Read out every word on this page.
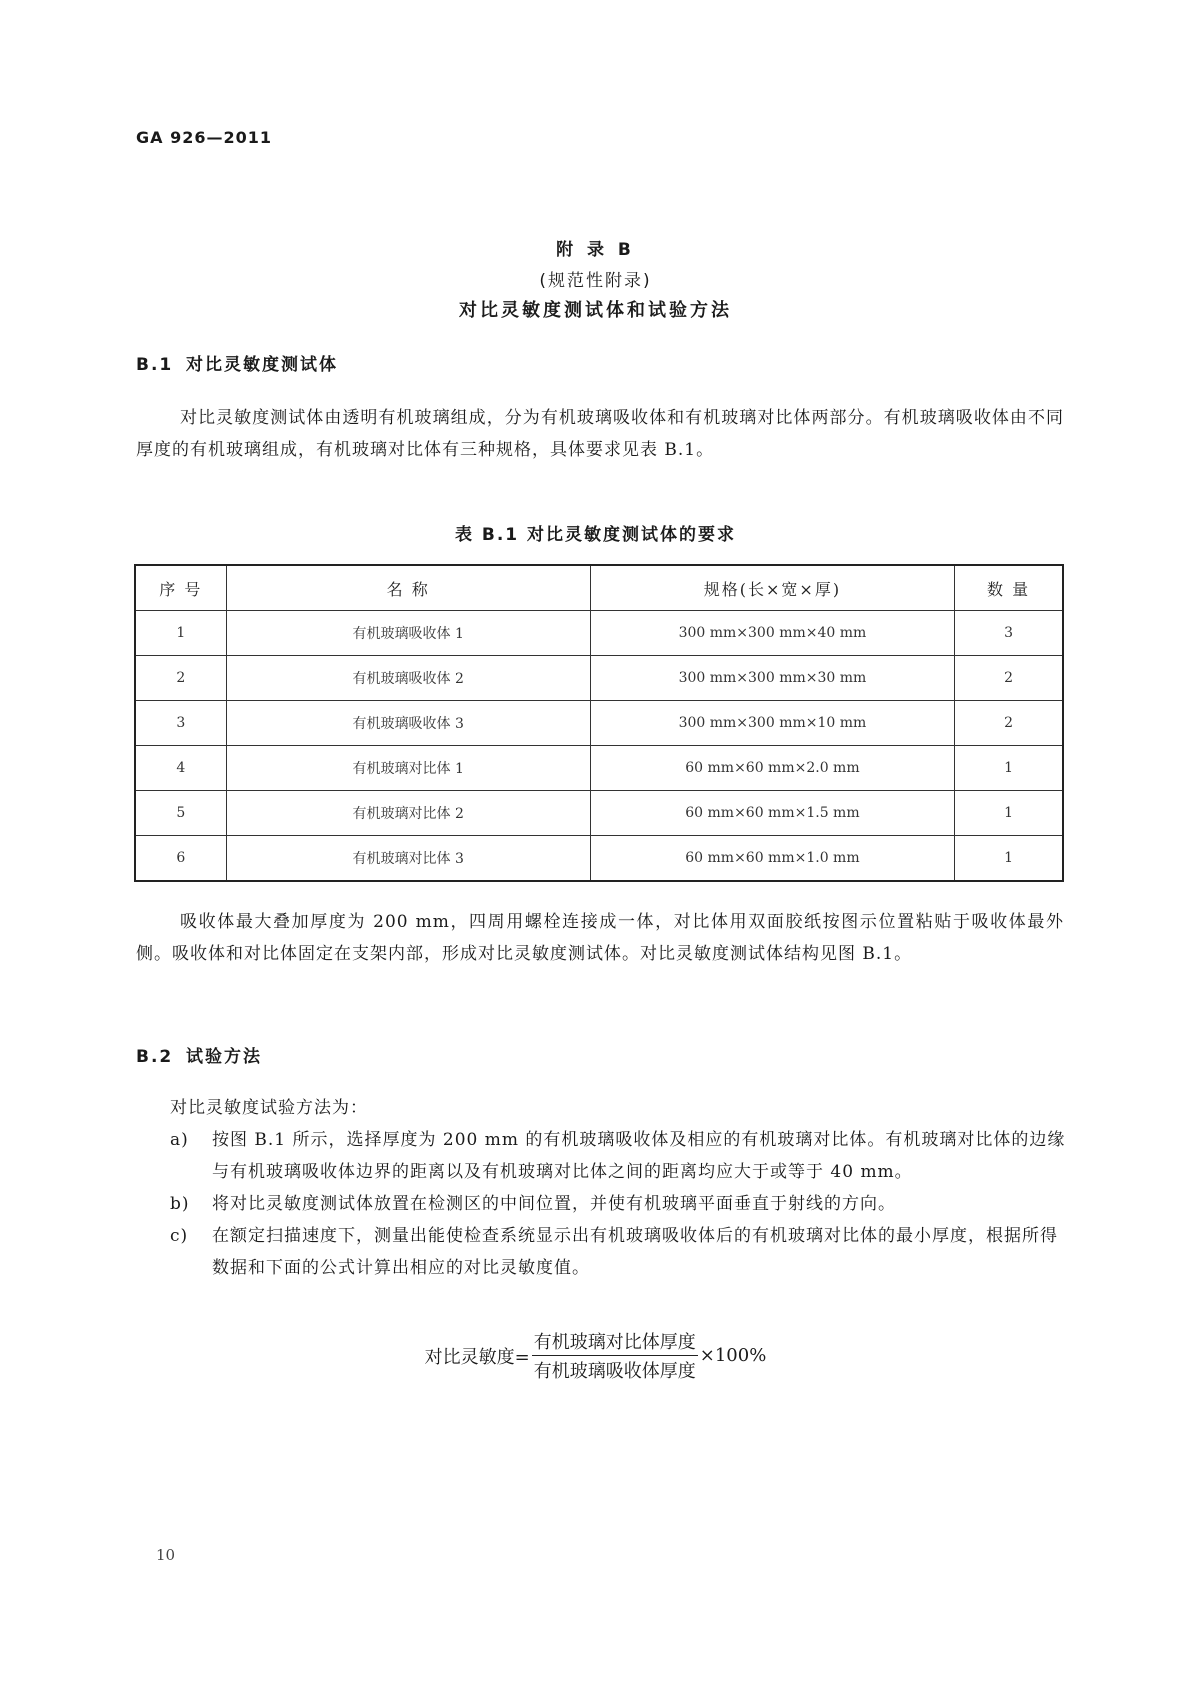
GA 926—2011
附 录 B
(规范性附录)
对比灵敏度测试体和试验方法
B.1 对比灵敏度测试体
对比灵敏度测试体由透明有机玻璃组成，分为有机玻璃吸收体和有机玻璃对比体两部分。有机玻璃吸收体由不同厚度的有机玻璃组成，有机玻璃对比体有三种规格，具体要求见表 B.1。
表 B.1 对比灵敏度测试体的要求
序 号	名 称	规格(长×宽×厚)	数 量
1	有机玻璃吸收体 1	300 mm×300 mm×40 mm	3
2	有机玻璃吸收体 2	300 mm×300 mm×30 mm	2
3	有机玻璃吸收体 3	300 mm×300 mm×10 mm	2
4	有机玻璃对比体 1	60 mm×60 mm×2.0 mm	1
5	有机玻璃对比体 2	60 mm×60 mm×1.5 mm	1
6	有机玻璃对比体 3	60 mm×60 mm×1.0 mm	1
吸收体最大叠加厚度为 200 mm，四周用螺栓连接成一体，对比体用双面胶纸按图示位置粘贴于吸收体最外侧。吸收体和对比体固定在支架内部，形成对比灵敏度测试体。对比灵敏度测试体结构见图 B.1。
B.2 试验方法
对比灵敏度试验方法为：
a) 按图 B.1 所示，选择厚度为 200 mm 的有机玻璃吸收体及相应的有机玻璃对比体。有机玻璃对比体的边缘与有机玻璃吸收体边界的距离以及有机玻璃对比体之间的距离均应大于或等于 40 mm。
b) 将对比灵敏度测试体放置在检测区的中间位置，并使有机玻璃平面垂直于射线的方向。
c) 在额定扫描速度下，测量出能使检查系统显示出有机玻璃吸收体后的有机玻璃对比体的最小厚度，根据所得数据和下面的公式计算出相应的对比灵敏度值。
对比灵敏度= $\frac{\text{有机玻璃对比体厚度}}{\text{有机玻璃吸收体厚度}} \times 100\%$
10
